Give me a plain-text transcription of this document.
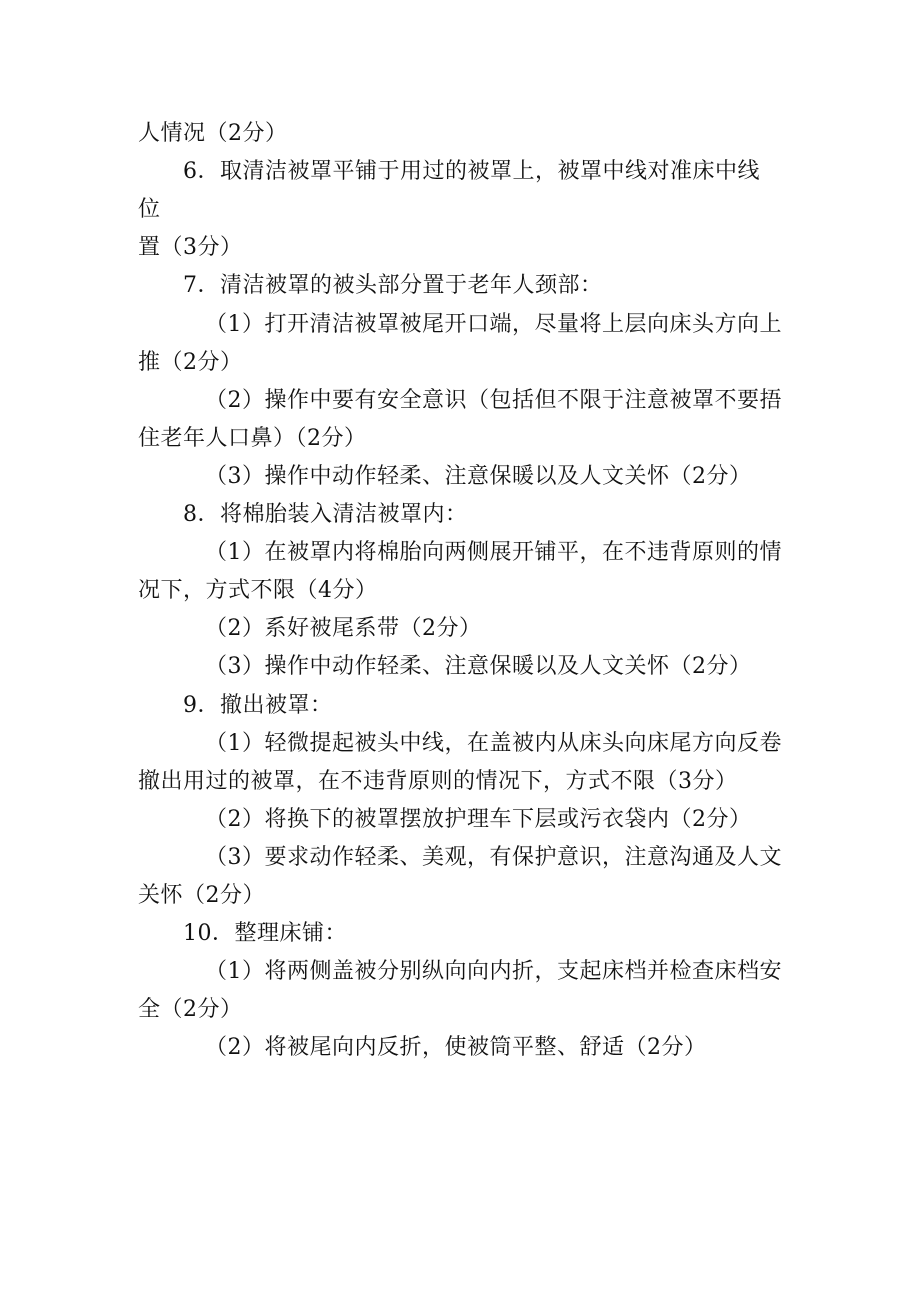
人情况（2分）
6．取清洁被罩平铺于用过的被罩上，被罩中线对准床中线
位
置（3分）
7．清洁被罩的被头部分置于老年人颈部：
（1）打开清洁被罩被尾开口端，尽量将上层向床头方向上
推（2分）
（2）操作中要有安全意识（包括但不限于注意被罩不要捂
住老年人口鼻）（2分）
（3）操作中动作轻柔、注意保暖以及人文关怀（2分）
8．将棉胎装入清洁被罩内：
（1）在被罩内将棉胎向两侧展开铺平，在不违背原则的情
况下，方式不限（4分）
（2）系好被尾系带（2分）
（3）操作中动作轻柔、注意保暖以及人文关怀（2分）
9．撤出被罩：
（1）轻微提起被头中线，在盖被内从床头向床尾方向反卷
撤出用过的被罩，在不违背原则的情况下，方式不限（3分）
（2）将换下的被罩摆放护理车下层或污衣袋内（2分）
（3）要求动作轻柔、美观，有保护意识，注意沟通及人文
关怀（2分）
10．整理床铺：
（1）将两侧盖被分别纵向向内折，支起床档并检查床档安
全（2分）
（2）将被尾向内反折，使被筒平整、舒适（2分）
